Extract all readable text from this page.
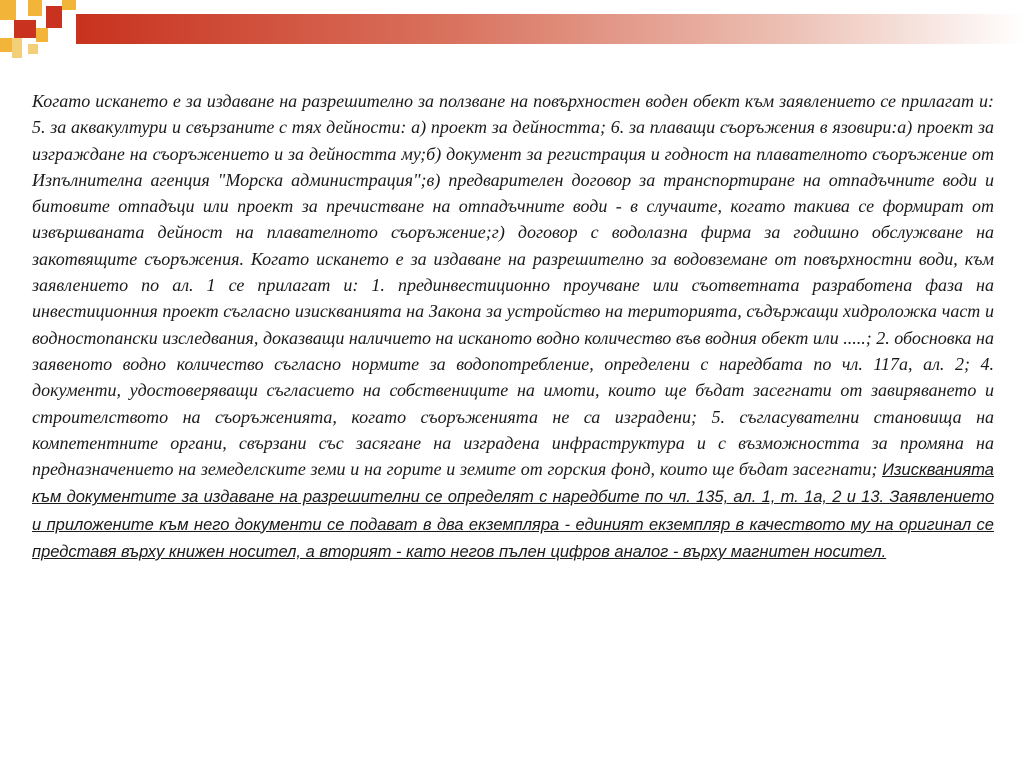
Когато искането е за издаване на разрешително за ползване на повърхностен воден обект към заявлението се прилагат и: 5. за аквакултури и свързаните с тях дейности: а) проект за дейността; 6. за плаващи съоръжения в язовири:а) проект за изграждане на съоръжението и за дейността му;б) документ за регистрация и годност на плавателното съоръжение от Изпълнителна агенция "Морска администрация";в) предварителен договор за транспортиране на отпадъчните води и битовите отпадъци или проект за пречистване на отпадъчните води - в случаите, когато такива се формират от извършваната дейност на плавателното съоръжение;г) договор с водолазна фирма за годишно обслужване на закотвящите съоръжения. Когато искането е за издаване на разрешително за водовземане от повърхностни води, към заявлението по ал. 1 се прилагат и: 1. прединвестиционно проучване или съответната разработена фаза на инвестиционния проект съгласно изискванията на Закона за устройство на територията, съдържащи хидроложка част и водностопански изследвания, доказващи наличието на исканото водно количество във водния обект или .....; 2. обосновка на заявеното водно количество съгласно нормите за водопотребление, определени с наредбата по чл. 117а, ал. 2; 4. документи, удостоверяващи съгласието на собствениците на имоти, които ще бъдат засегнати от завиряването и строителството на съоръженията, когато съоръженията не са изградени; 5. съгласувателни становища на компетентните органи, свързани със засягане на изградена инфраструктура и с възможността за промяна на предназначението на земеделските земи и на горите и земите от горския фонд, които ще бъдат засегнати; Изискванията към документите за издаване на разрешителни се определят с наредбите по чл. 135, ал. 1, т. 1а, 2 и 13. Заявлението и приложените към него документи се подават в два екземпляра - единият екземпляр в качеството му на оригинал се представя върху книжен носител, а вторият - като негов пълен цифров аналог - върху магнитен носител.
